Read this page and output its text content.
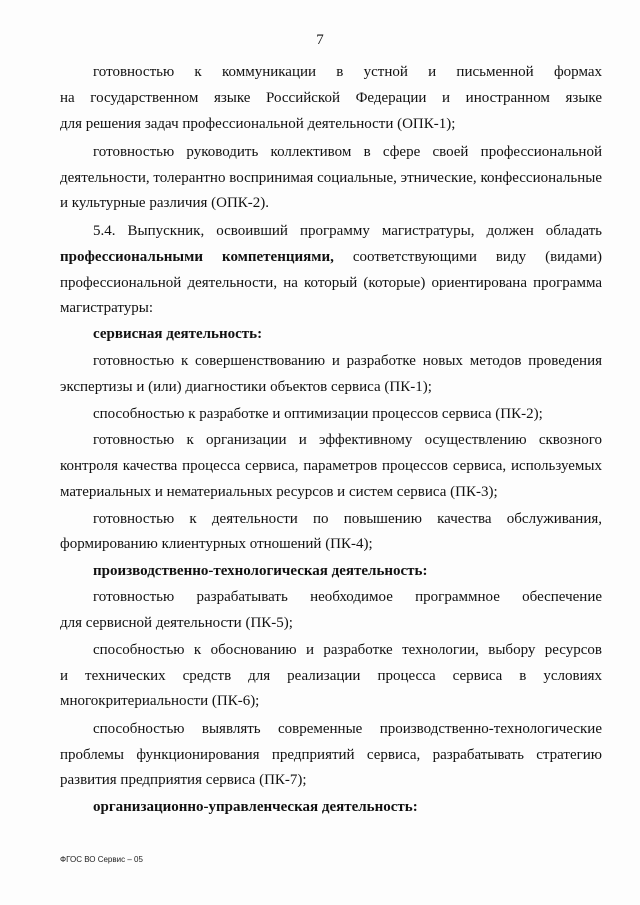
7
готовностью к коммуникации в устной и письменной формах
на государственном языке Российской Федерации и иностранном языке
для решения задач профессиональной деятельности (ОПК-1);
готовностью руководить коллективом в сфере своей профессиональной
деятельности, толерантно воспринимая социальные, этнические, конфессиональные
и культурные различия (ОПК-2).
5.4. Выпускник, освоивший программу магистратуры, должен обладать
профессиональными компетенциями, соответствующими виду (видами)
профессиональной деятельности, на который (которые) ориентирована программа
магистратуры:
сервисная деятельность:
готовностью к совершенствованию и разработке новых методов проведения
экспертизы и (или) диагностики объектов сервиса (ПК-1);
способностью к разработке и оптимизации процессов сервиса (ПК-2);
готовностью к организации и эффективному осуществлению сквозного
контроля качества процесса сервиса, параметров процессов сервиса, используемых
материальных и нематериальных ресурсов и систем сервиса (ПК-3);
готовностью к деятельности по повышению качества обслуживания,
формированию клиентурных отношений (ПК-4);
производственно-технологическая деятельность:
готовностью разрабатывать необходимое программное обеспечение
для сервисной деятельности (ПК-5);
способностью к обоснованию и разработке технологии, выбору ресурсов
и технических средств для реализации процесса сервиса в условиях
многокритериальности (ПК-6);
способностью выявлять современные производственно-технологические
проблемы функционирования предприятий сервиса, разрабатывать стратегию
развития предприятия сервиса (ПК-7);
организационно-управленческая деятельность:
ФГОС ВО Сервис – 05
